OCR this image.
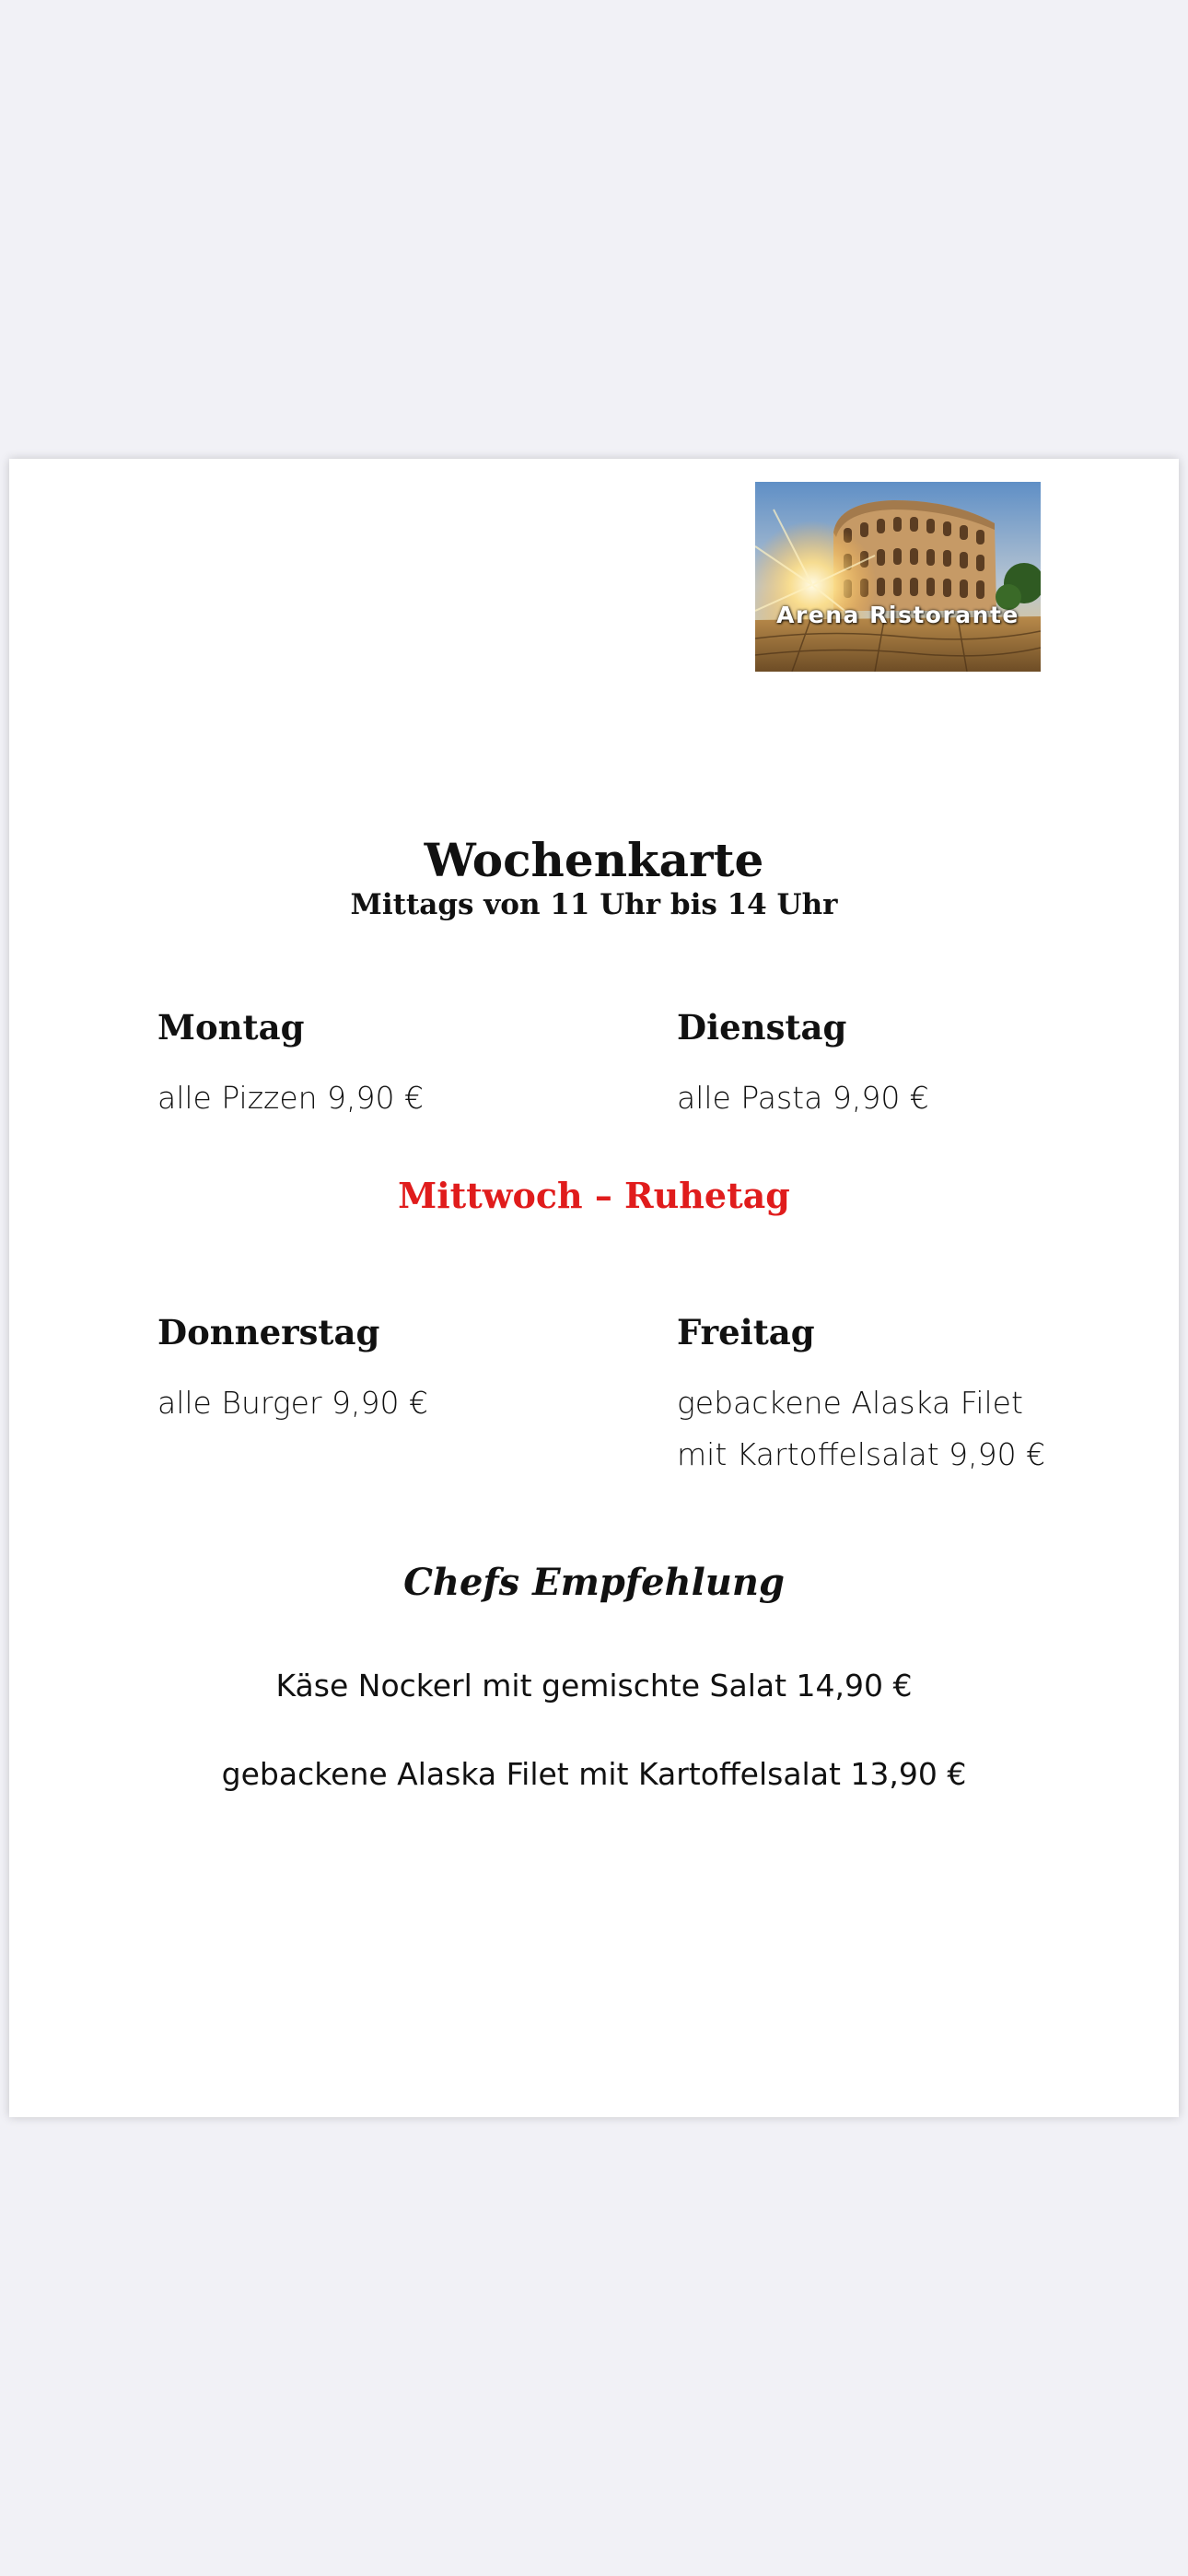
Arena Ristorante
Wochenkarte
Mittags von 11 Uhr bis 14 Uhr
Montag
alle Pizzen 9,90 €
Dienstag
alle Pasta 9,90 €
Mittwoch – Ruhetag
Donnerstag
alle Burger 9,90 €
Freitag
gebackene Alaska Filet
mit Kartoffelsalat 9,90 €
Chefs Empfehlung
Käse Nockerl mit gemischte Salat 14,90 €
gebackene Alaska Filet mit Kartoffelsalat 13,90 €
